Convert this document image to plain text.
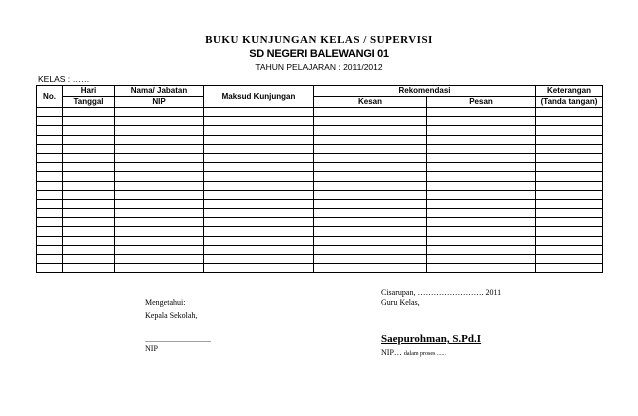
BUKU KUNJUNGAN KELAS / SUPERVISI
SD NEGERI BALEWANGI 01
TAHUN PELAJARAN : 2011/2012
KELAS : ……
No.	Hari	Nama/ Jabatan	Maksud Kunjungan	Rekomendasi		Keterangan
	Tanggal	NIP		Kesan	Pesan	(Tanda tangan)

Cisarupan, ……………………. 2011
Guru Kelas,
Mengetahui:
Kepala Sekolah,
.................................
NIP
Saepurohman, S.Pd.I
NIP… dalam proses ......
